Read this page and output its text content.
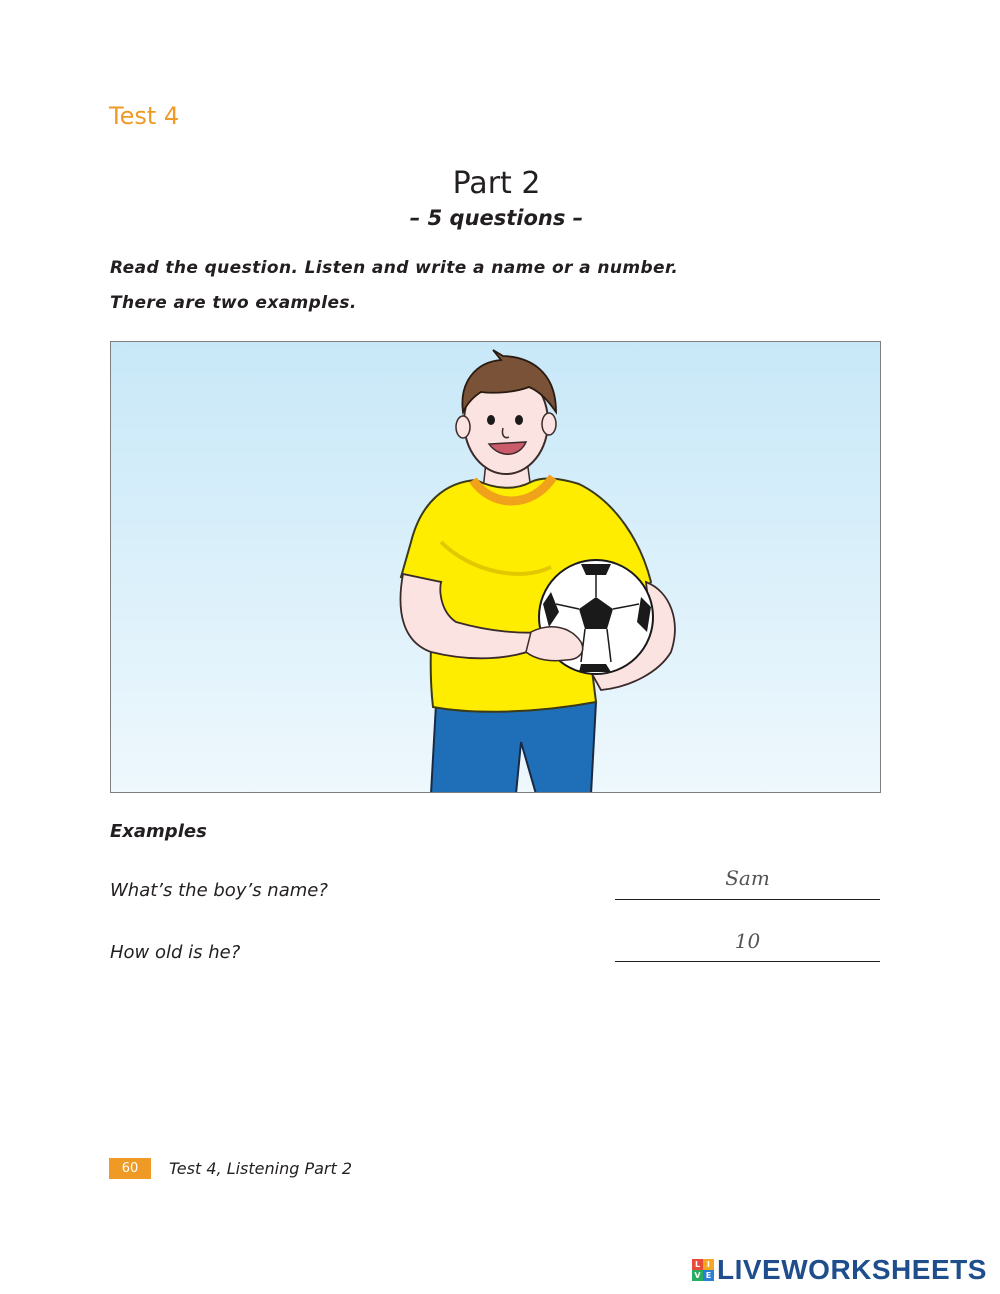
Test 4
Part 2
– 5 questions –
Read the question. Listen and write a name or a number.
There are two examples.
Examples
What’s the boy’s name?
Sam
How old is he?	10
60	Test 4, Listening Part 2
L I
V E LIVEWORKSHEETS
